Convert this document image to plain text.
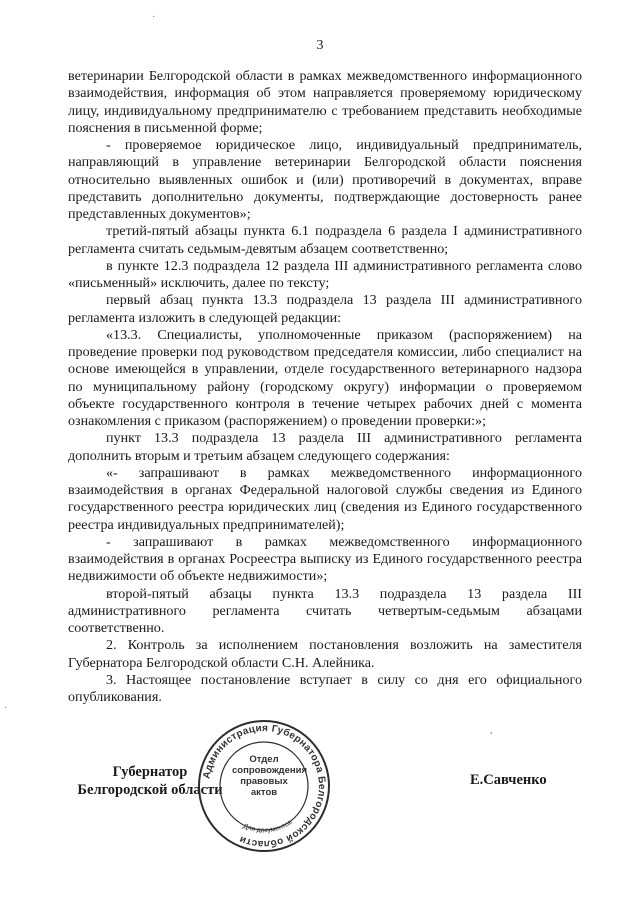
3

ветеринарии Белгородской области в рамках межведомственного информационного взаимодействия, информация об этом направляется проверяемому юридическому лицу, индивидуальному предпринимателю с требованием представить необходимые пояснения в письменной форме;

- проверяемое юридическое лицо, индивидуальный предприниматель, направляющий в управление ветеринарии Белгородской области пояснения относительно выявленных ошибок и (или) противоречий в документах, вправе представить дополнительно документы, подтверждающие достоверность ранее представленных документов»;

третий-пятый абзацы пункта 6.1 подраздела 6 раздела I административного регламента считать седьмым-девятым абзацем соответственно;

в пункте 12.3 подраздела 12 раздела III административного регламента слово «письменный» исключить, далее по тексту;

первый абзац пункта 13.3 подраздела 13 раздела III административного регламента изложить в следующей редакции:

«13.3. Специалисты, уполномоченные приказом (распоряжением) на проведение проверки под руководством председателя комиссии, либо специалист на основе имеющейся в управлении, отделе государственного ветеринарного надзора по муниципальному району (городскому округу) информации о проверяемом объекте государственного контроля в течение четырех рабочих дней с момента ознакомления с приказом (распоряжением) о проведении проверки:»;

пункт 13.3 подраздела 13 раздела III административного регламента дополнить вторым и третьим абзацем следующего содержания:

«- запрашивают в рамках межведомственного информационного взаимодействия в органах Федеральной налоговой службы сведения из Единого государственного реестра юридических лиц (сведения из Единого государственного реестра индивидуальных предпринимателей);

- запрашивают в рамках межведомственного информационного взаимодействия в органах Росреестра выписку из Единого государственного реестра недвижимости об объекте недвижимости»;

второй-пятый абзацы пункта 13.3 подраздела 13 раздела III административного регламента считать четвертым-седьмым абзацами соответственно.

2. Контроль за исполнением постановления возложить на заместителя Губернатора Белгородской области С.Н. Алейника.

3. Настоящее постановление вступает в силу со дня его официального опубликования.

Губернатор
Белгородской области
Администрация Губернатора Белгородской области
Для документов
Отдел
сопровождения
правовых
актов
Е.Савченко
·
·
,
